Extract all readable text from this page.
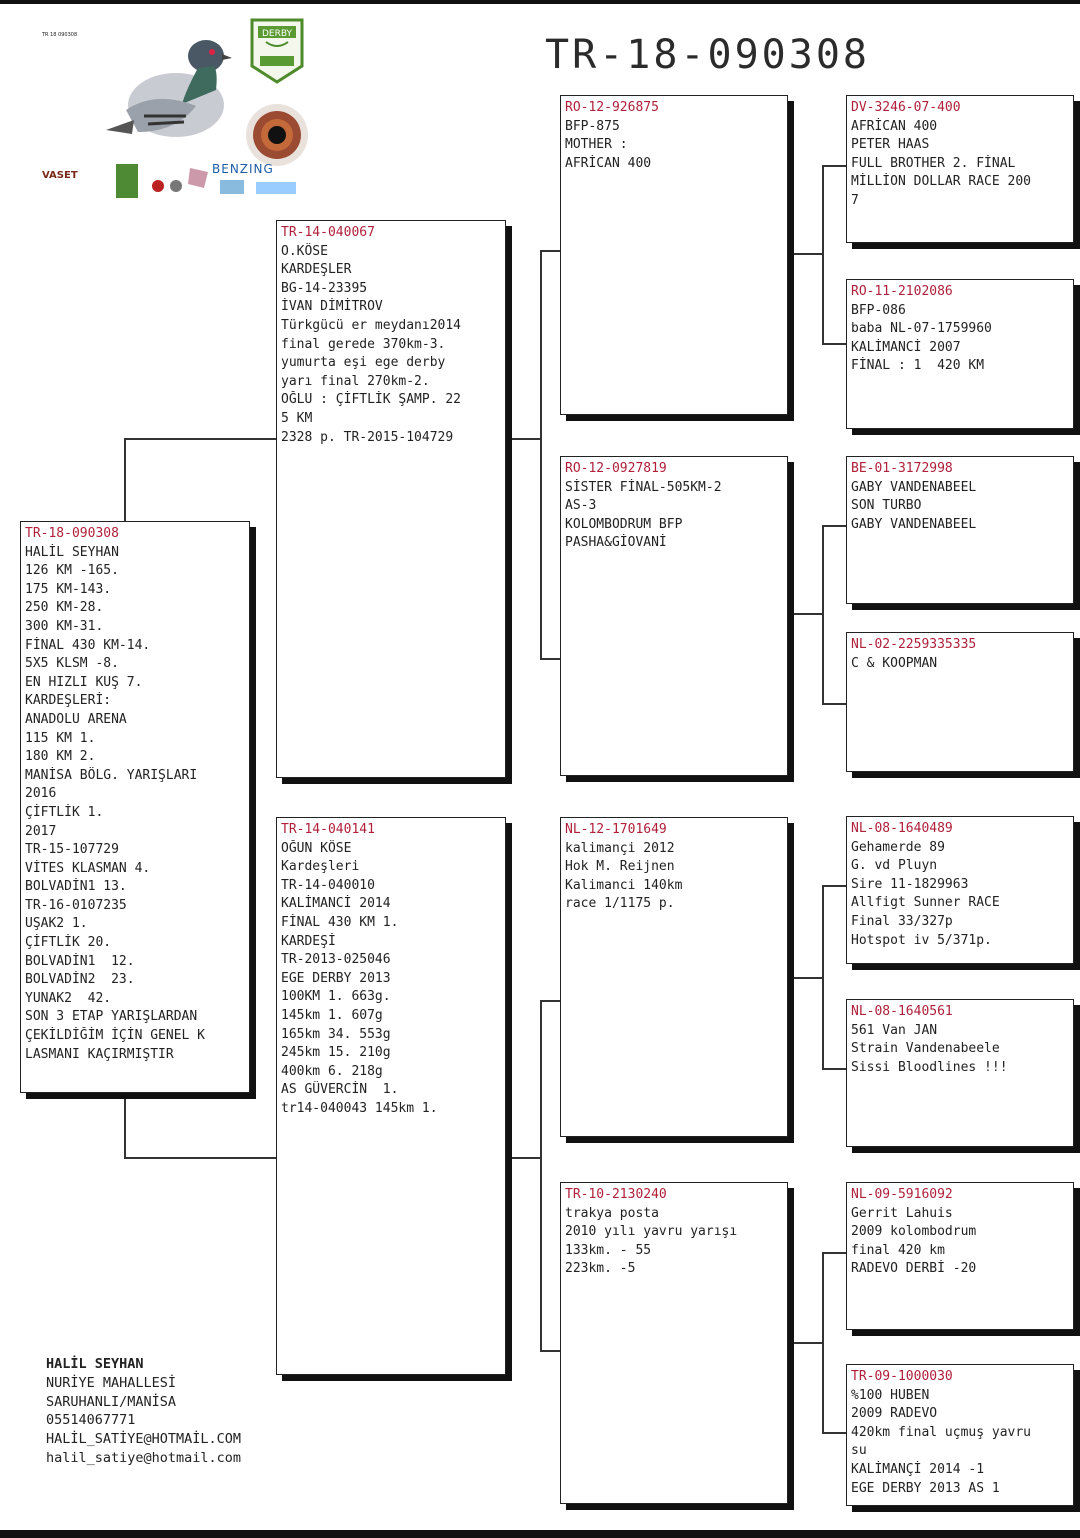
TR 18 090308

	DERBY
BENZING
VASET
TR-18-090308
TR-18-090308
HALİL SEYHAN
126 KM -165.
175 KM-143.
250 KM-28.
300 KM-31.
FİNAL 430 KM-14.
5X5 KLSM -8.
EN HIZLI KUŞ 7.
KARDEŞLERİ:
ANADOLU ARENA
115 KM 1.
180 KM 2.
MANİSA BÖLG. YARIŞLARI
2016
ÇİFTLİK 1.
2017
TR-15-107729
VİTES KLASMAN 4.
BOLVADİN1 13.
TR-16-0107235
UŞAK2 1.
ÇİFTLİK 20.
BOLVADİN1  12.
BOLVADİN2  23.
YUNAK2  42.
SON 3 ETAP YARIŞLARDAN
ÇEKİLDİĞİM İÇİN GENEL K
LASMANI KAÇIRMIŞTIR
TR-14-040067
O.KÖSE
KARDEŞLER
BG-14-23395
İVAN DİMİTROV
Türkgücü er meydanı2014
final gerede 370km-3.
yumurta eşi ege derby
yarı final 270km-2.
OĞLU : ÇİFTLİK ŞAMP. 22
5 KM
2328 p. TR-2015-104729
TR-14-040141
OĞUN KÖSE
Kardeşleri
TR-14-040010
KALİMANCİ 2014
FİNAL 430 KM 1.
KARDEŞİ
TR-2013-025046
EGE DERBY 2013
100KM 1. 663g.
145km 1. 607g
165km 34. 553g
245km 15. 210g
400km 6. 218g
AS GÜVERCİN  1.
tr14-040043 145km 1.
RO-12-926875
BFP-875
MOTHER :
AFRİCAN 400
RO-12-0927819
SİSTER FİNAL-505KM-2
AS-3
KOLOMBODRUM BFP
PASHA&GİOVANİ
NL-12-1701649
kalimançi 2012
Hok M. Reijnen
Kalimanci 140km
race 1/1175 p.
TR-10-2130240
trakya posta
2010 yılı yavru yarışı
133km. - 55
223km. -5
DV-3246-07-400
AFRİCAN 400
PETER HAAS
FULL BROTHER 2. FİNAL
MİLLİON DOLLAR RACE 200
7
RO-11-2102086
BFP-086
baba NL-07-1759960
KALİMANCİ 2007
FİNAL : 1  420 KM
BE-01-3172998
GABY VANDENABEEL
SON TURBO
GABY VANDENABEEL
NL-02-2259335335
C & KOOPMAN
NL-08-1640489
Gehamerde 89
G. vd Pluyn
Sire 11-1829963
Allfigt Sunner RACE
Final 33/327p
Hotspot iv 5/371p.
NL-08-1640561
561 Van JAN
Strain Vandenabeele
Sissi Bloodlines !!!
NL-09-5916092
Gerrit Lahuis
2009 kolombodrum
final 420 km
RADEVO DERBİ -20
TR-09-1000030
%100 HUBEN
2009 RADEVO
420km final uçmuş yavru
su
KALİMANÇİ 2014 -1
EGE DERBY 2013 AS 1
HALİL SEYHAN
NURİYE MAHALLESİ
SARUHANLI/MANİSA
05514067771
HALİL_SATİYE@HOTMAİL.COM
halil_satiye@hotmail.com
